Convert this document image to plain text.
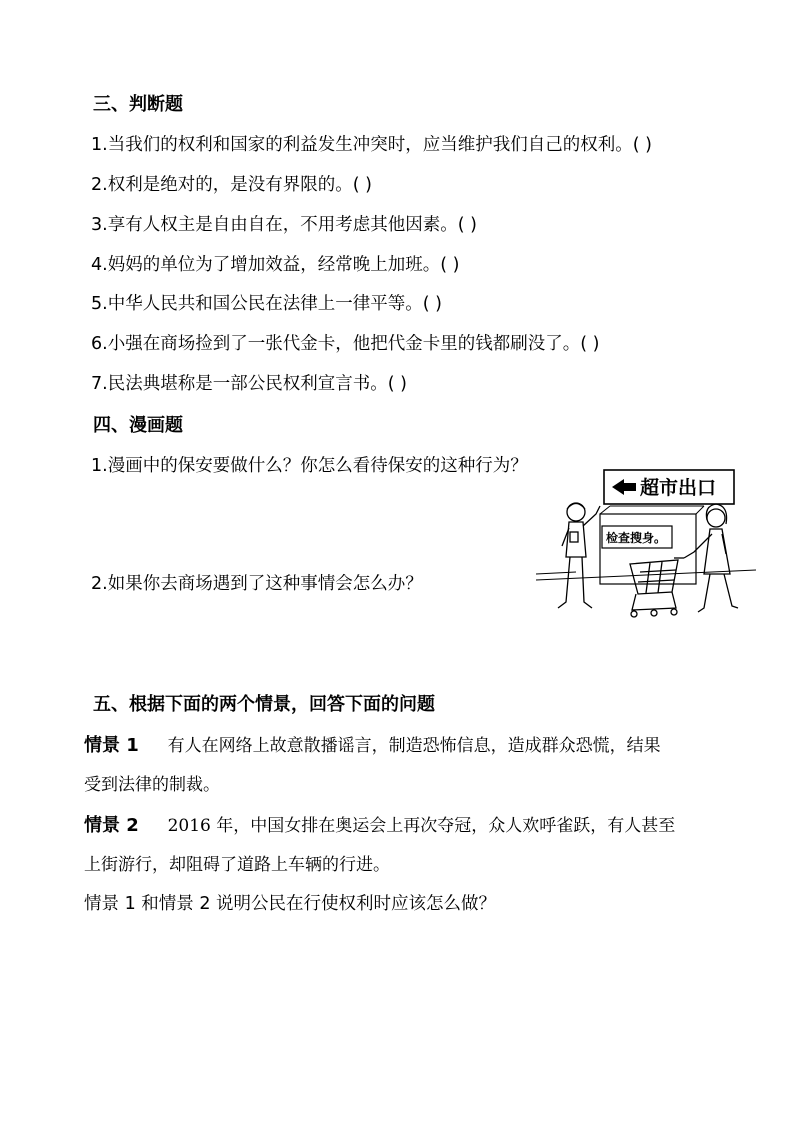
三、判断题
1.当我们的权利和国家的利益发生冲突时，应当维护我们自己的权利。( )
2.权利是绝对的，是没有界限的。( )
3.享有人权主是自由自在，不用考虑其他因素。( )
4.妈妈的单位为了增加效益，经常晚上加班。( )
5.中华人民共和国公民在法律上一律平等。( )
6.小强在商场捡到了一张代金卡，他把代金卡里的钱都刷没了。( )
7.民法典堪称是一部公民权利宣言书。( )
四、漫画题
1.漫画中的保安要做什么？你怎么看待保安的这种行为？
2.如果你去商场遇到了这种事情会怎么办？
超市出口
检查搜身。
五、根据下面的两个情景，回答下面的问题
情景 1 有人在网络上故意散播谣言，制造恐怖信息，造成群众恐慌，结果
受到法律的制裁。
情景 2 2016 年，中国女排在奥运会上再次夺冠，众人欢呼雀跃，有人甚至
上街游行，却阻碍了道路上车辆的行进。
情景 1 和情景 2 说明公民在行使权利时应该怎么做？
